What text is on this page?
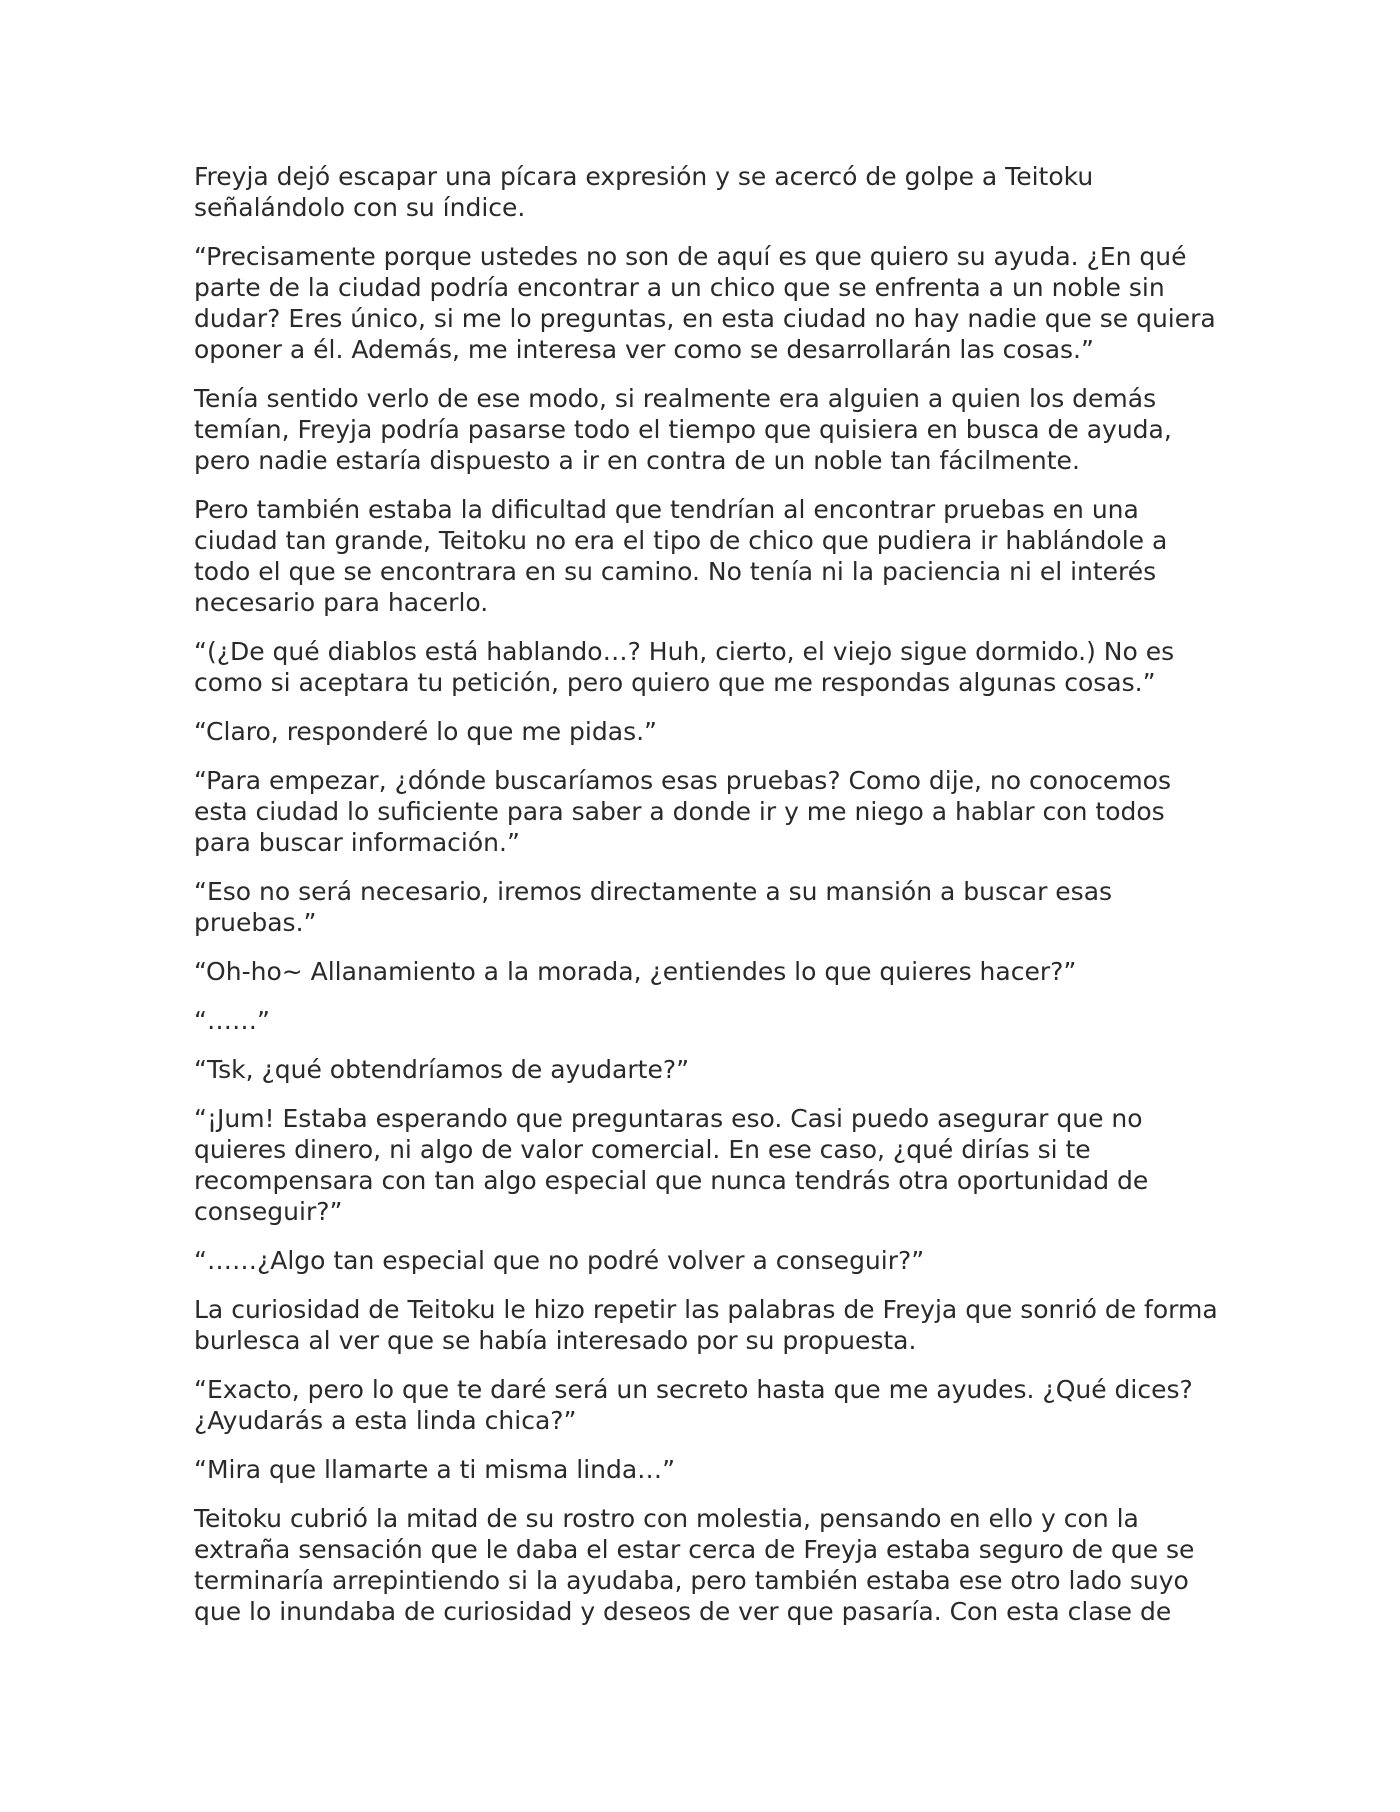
Freyja dejó escapar una pícara expresión y se acercó de golpe a Teitoku señalándolo con su índice.

“Precisamente porque ustedes no son de aquí es que quiero su ayuda. ¿En qué parte de la ciudad podría encontrar a un chico que se enfrenta a un noble sin dudar? Eres único, si me lo preguntas, en esta ciudad no hay nadie que se quiera oponer a él. Además, me interesa ver como se desarrollarán las cosas.”

Tenía sentido verlo de ese modo, si realmente era alguien a quien los demás temían, Freyja podría pasarse todo el tiempo que quisiera en busca de ayuda, pero nadie estaría dispuesto a ir en contra de un noble tan fácilmente.

Pero también estaba la dificultad que tendrían al encontrar pruebas en una ciudad tan grande, Teitoku no era el tipo de chico que pudiera ir hablándole a todo el que se encontrara en su camino. No tenía ni la paciencia ni el interés necesario para hacerlo.

“(¿De qué diablos está hablando…? Huh, cierto, el viejo sigue dormido.) No es como si aceptara tu petición, pero quiero que me respondas algunas cosas.”

“Claro, responderé lo que me pidas.”

“Para empezar, ¿dónde buscaríamos esas pruebas? Como dije, no conocemos esta ciudad lo suficiente para saber a donde ir y me niego a hablar con todos para buscar información.”

“Eso no será necesario, iremos directamente a su mansión a buscar esas pruebas.”

“Oh-ho~ Allanamiento a la morada, ¿entiendes lo que quieres hacer?”

“……”

“Tsk, ¿qué obtendríamos de ayudarte?”

“¡Jum! Estaba esperando que preguntaras eso. Casi puedo asegurar que no quieres dinero, ni algo de valor comercial. En ese caso, ¿qué dirías si te recompensara con tan algo especial que nunca tendrás otra oportunidad de conseguir?”

“……¿Algo tan especial que no podré volver a conseguir?”

La curiosidad de Teitoku le hizo repetir las palabras de Freyja que sonrió de forma burlesca al ver que se había interesado por su propuesta.

“Exacto, pero lo que te daré será un secreto hasta que me ayudes. ¿Qué dices? ¿Ayudarás a esta linda chica?”

“Mira que llamarte a ti misma linda…”

Teitoku cubrió la mitad de su rostro con molestia, pensando en ello y con la extraña sensación que le daba el estar cerca de Freyja estaba seguro de que se terminaría arrepintiendo si la ayudaba, pero también estaba ese otro lado suyo que lo inundaba de curiosidad y deseos de ver que pasaría. Con esta clase de
